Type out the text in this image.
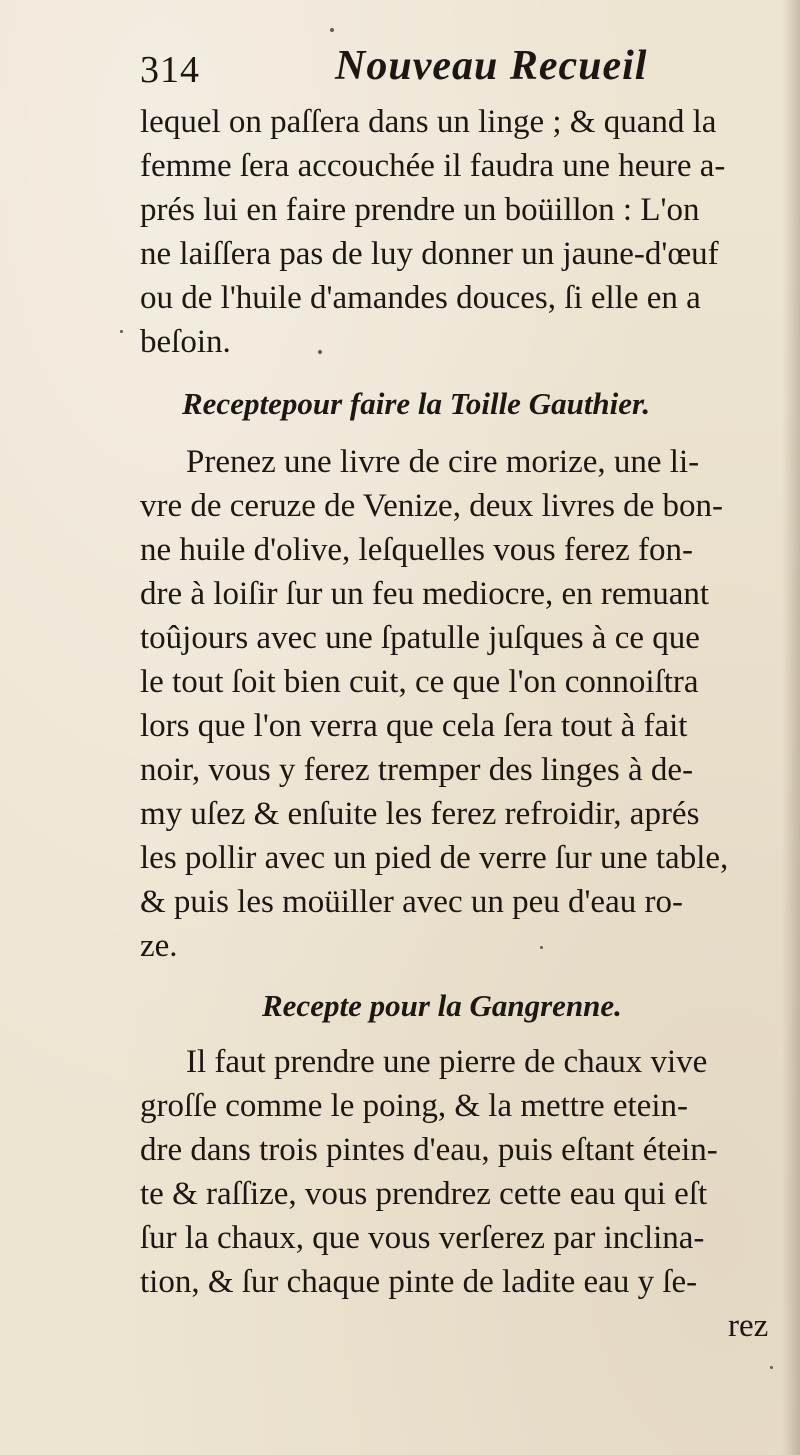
314	Nouveau Recueil
lequel on paſſera dans un linge ; & quand la
femme ſera accouchée il faudra une heure a-
prés lui en faire prendre un boüillon : L'on
ne laiſſera pas de luy donner un jaune-d'œuf
ou de l'huile d'amandes douces, ſi elle en a
beſoin.
Receptepour faire la Toille Gauthier.
Prenez une livre de cire morize, une li-
vre de ceruze de Venize, deux livres de bon-
ne huile d'olive, leſquelles vous ferez fon-
dre à loiſir ſur un feu mediocre, en remuant
toûjours avec une ſpatulle juſques à ce que
le tout ſoit bien cuit, ce que l'on connoiſtra
lors que l'on verra que cela ſera tout à fait
noir, vous y ferez tremper des linges à de-
my uſez & enſuite les ferez refroidir, aprés
les pollir avec un pied de verre ſur une table,
& puis les moüiller avec un peu d'eau ro-
ze.
Recepte pour la Gangrenne.
Il faut prendre une pierre de chaux vive
groſſe comme le poing, & la mettre etein-
dre dans trois pintes d'eau, puis eſtant étein-
te & raſſize, vous prendrez cette eau qui eſt
ſur la chaux, que vous verſerez par inclina-
tion, & ſur chaque pinte de ladite eau y ſe-
rez
